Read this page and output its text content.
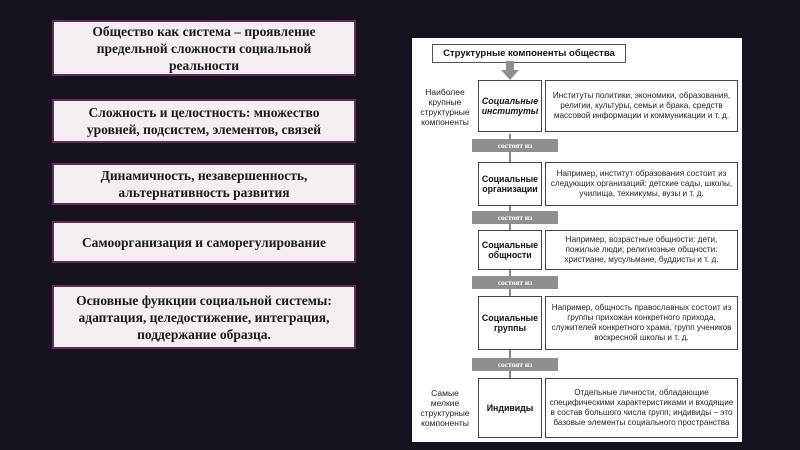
Общество как система – проявление
предельной сложности социальной
реальности
Сложность и целостность: множество
уровней, подсистем, элементов, связей
Динамичность, незавершенность,
альтернативность развития
Самоорганизация и саморегулирование
Основные функции социальной системы:
адаптация, целедостижение, интеграция,
поддержание образца.
Структурные компоненты общества
Наиболее
крупные
структурные
компоненты
Социальные
институты
Институты политики, экономики, образования, религии, культуры, семьи и брака, средств массовой информации и коммуникации и т. д.
состоят из
Социальные
организации
Например, институт образования состоит из следующих организаций: детские сады, школы, училища, техникумы, вузы и т. д.
состоят из
Социальные
общности
Например, возрастные общности: дети, пожилые люди; религиозные общности: христиане, мусульмане, буддисты и т. д.
состоят из
Социальные
группы
Например, общность православных состоит из группы прихожан конкретного прихода, служителей конкретного храма, групп учеников воскресной школы и т. д.
состоят из
Самые
мелкие
структурные
компоненты
Индивиды
Отдельные личности, обладающие специфическими характеристиками и входящие в состав большого числа групп; индивиды – это базовые элементы социального пространства
